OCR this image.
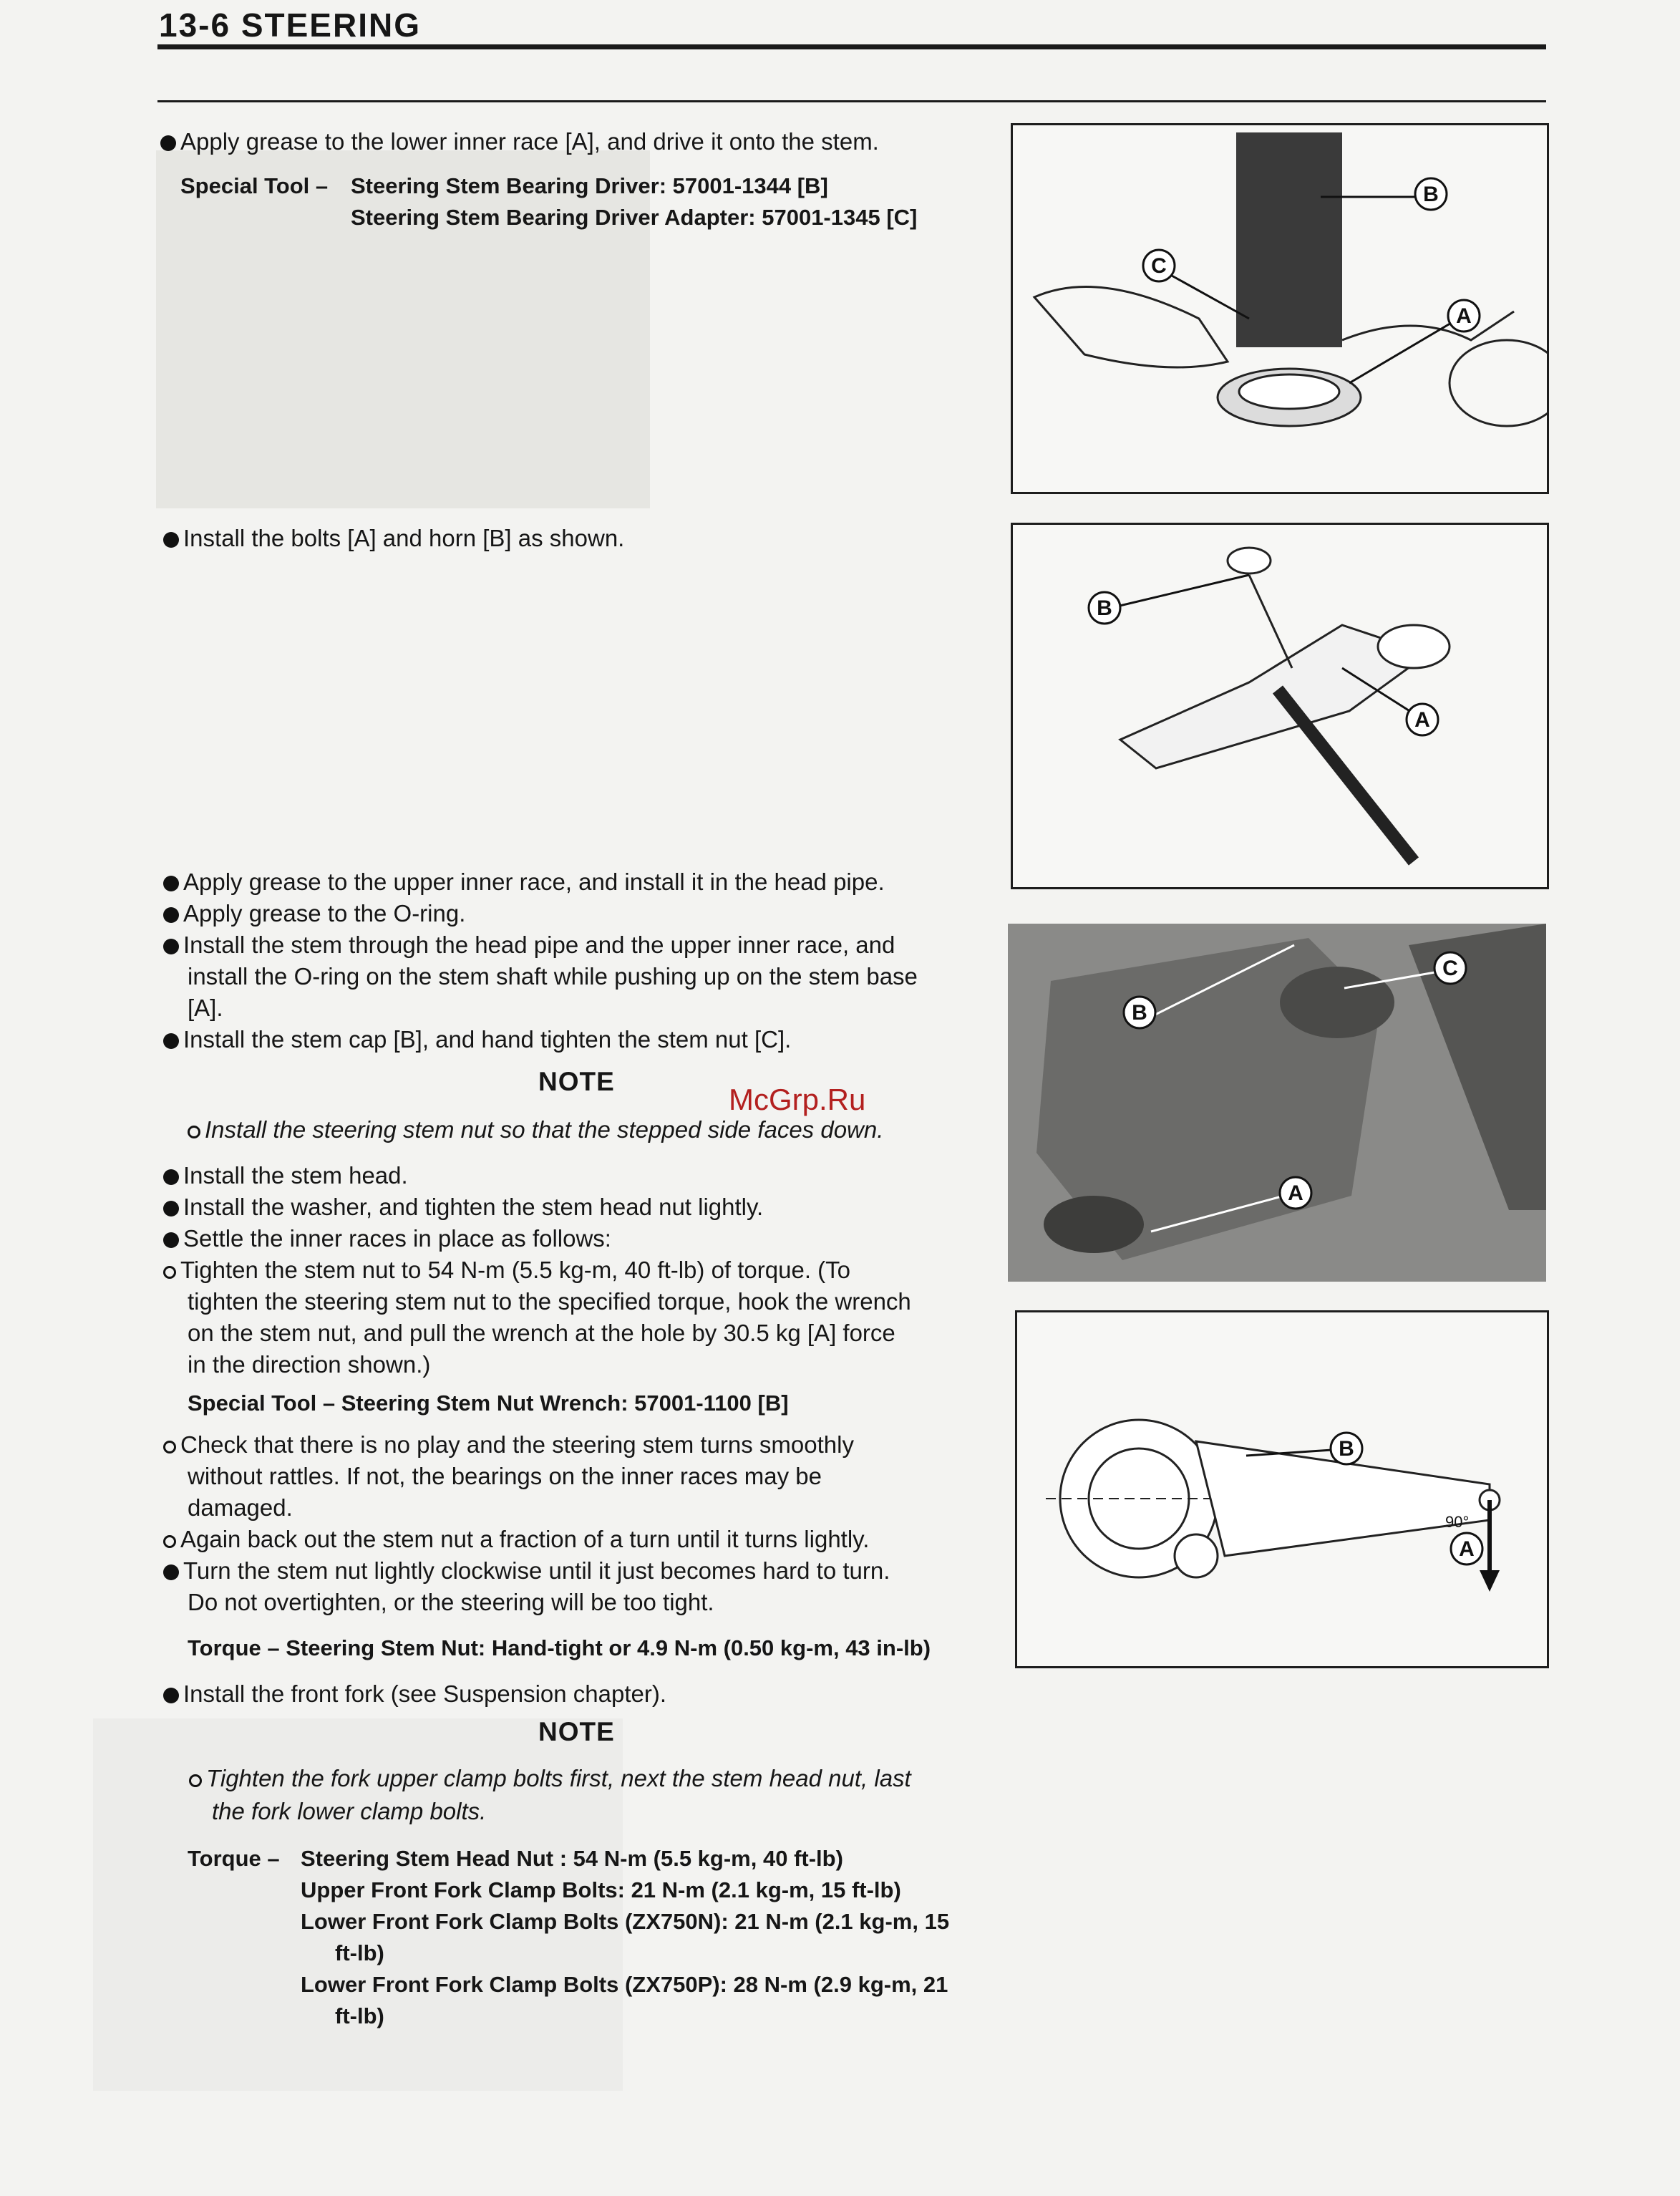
13-6 STEERING
Apply grease to the lower inner race [A], and drive it onto the stem.
Special Tool – Steering Stem Bearing Driver: 57001-1344 [B]
Steering Stem Bearing Driver Adapter: 57001-1345 [C]
B
C
A
Install the bolts [A] and horn [B] as shown.
B
A
Apply grease to the upper inner race, and install it in the head pipe.
Apply grease to the O-ring.
Install the stem through the head pipe and the upper inner race, and
install the O-ring on the stem shaft while pushing up on the stem base
[A].
Install the stem cap [B], and hand tighten the stem nut [C].
NOTE
Install the steering stem nut so that the stepped side faces down.
Install the stem head.
Install the washer, and tighten the stem head nut lightly.
Settle the inner races in place as follows:
Tighten the stem nut to 54 N-m (5.5 kg-m, 40 ft-lb) of torque. (To
tighten the steering stem nut to the specified torque, hook the wrench
on the stem nut, and pull the wrench at the hole by 30.5 kg [A] force
in the direction shown.)
Special Tool – Steering Stem Nut Wrench: 57001-1100 [B]
Check that there is no play and the steering stem turns smoothly
without rattles. If not, the bearings on the inner races may be
damaged.
Again back out the stem nut a fraction of a turn until it turns lightly.
Turn the stem nut lightly clockwise until it just becomes hard to turn.
Do not overtighten, or the steering will be too tight.
Torque – Steering Stem Nut: Hand-tight or 4.9 N-m (0.50 kg-m, 43 in-lb)
Install the front fork (see Suspension chapter).
NOTE
Tighten the fork upper clamp bolts first, next the stem head nut, last
the fork lower clamp bolts.
Torque – Steering Stem Head Nut : 54 N-m (5.5 kg-m, 40 ft-lb)
Upper Front Fork Clamp Bolts: 21 N-m (2.1 kg-m, 15 ft-lb)
Lower Front Fork Clamp Bolts (ZX750N): 21 N-m (2.1 kg-m, 15
ft-lb)
Lower Front Fork Clamp Bolts (ZX750P): 28 N-m (2.9 kg-m, 21
ft-lb)
B
C
A
90°
B
A
McGrp.Ru
